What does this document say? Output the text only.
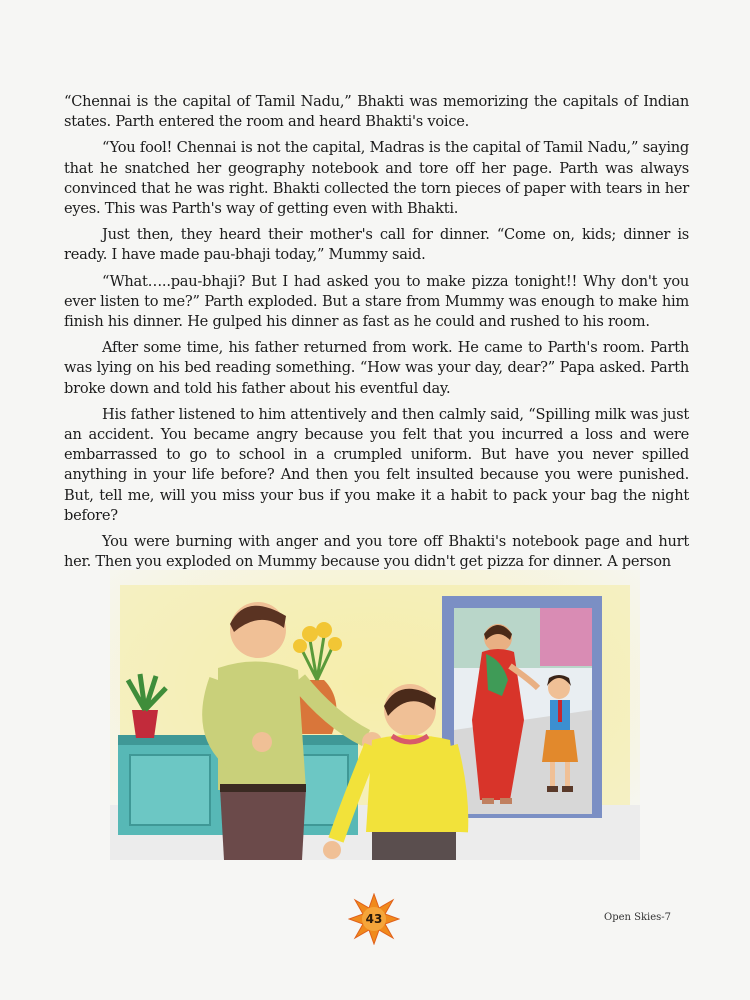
“Chennai is the capital of Tamil Nadu,” Bhakti was memorizing the capitals of Indian states. Parth entered the room and heard Bhakti's voice.

“You fool! Chennai is not the capital, Madras is the capital of Tamil Nadu,” saying that he snatched her geography notebook and tore off her page. Parth was always convinced that he was right. Bhakti collected the torn pieces of paper with tears in her eyes. This was Parth's way of getting even with Bhakti.

Just then, they heard their mother's call for dinner. “Come on, kids; dinner is ready. I have made pau-bhaji today,” Mummy said.

“What…..pau-bhaji? But I had asked you to make pizza tonight!! Why don't you ever listen to me?” Parth exploded. But a stare from Mummy was enough to make him finish his dinner. He gulped his dinner as fast as he could and rushed to his room.

After some time, his father returned from work. He came to Parth's room. Parth was lying on his bed reading something. “How was your day, dear?” Papa asked. Parth broke down and told his father about his eventful day.

His father listened to him attentively and then calmly said, “Spilling milk was just an accident. You became angry because you felt that you incurred a loss and were embarrassed to go to school in a crumpled uniform. But have you never spilled anything in your life before? And then you felt insulted because you were punished. But, tell me, will you miss your bus if you make it a habit to pack your bag the night before?

You were burning with anger and you tore off Bhakti's notebook page and hurt her. Then you exploded on Mummy because you didn't get pizza for dinner. A person

43	Open Skies-7
